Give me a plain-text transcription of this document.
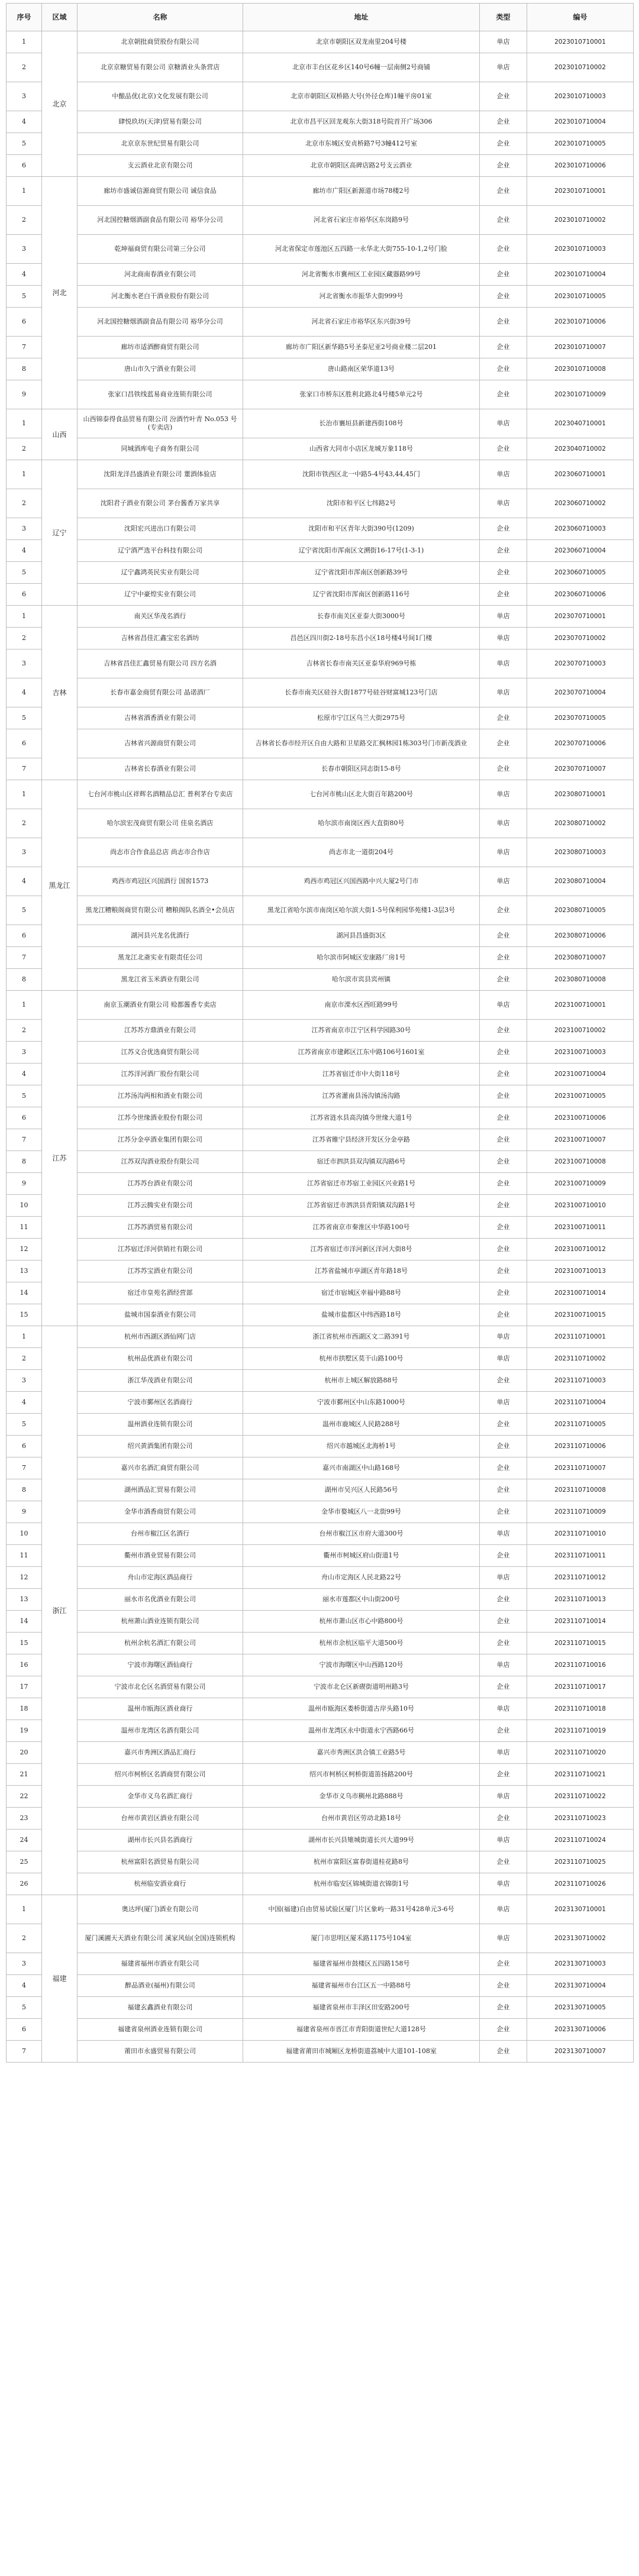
序号	区域	名称	地址	类型	编号
1	北京	北京朝批商贸股份有限公司	北京市朝阳区双龙南里204号楼	单店	2023010710001
2		北京京糖贸易有限公司 京糖酒业头条营店	北京市丰台区花乡区140号6幢一层南侧2号商铺	单店	2023010710002
3		中酿品优(北京)文化发展有限公司	北京市朝阳区双桥路大号(外径仓库)1幢平房01室	企业	2023010710003
4		肆悦玖坊(天津)贸易有限公司	北京市昌平区回龙观东大街318号院首开广场306	企业	2023010710004
5		北京京东世纪贸易有限公司	北京市东城区安贞桥路7号3幢412号室	企业	2023010710005
6		支云酒业北京有限公司	北京市朝阳区高碑店路2号支云酒业	企业	2023010710006
1	河北	廊坊市盛诚信源商贸有限公司 诚信食品	廊坊市广阳区新源道市场78楼2号	企业	2023010710001
2		河北国控糖烟酒副食品有限公司 裕华分公司	河北省石家庄市裕华区东岗路9号	企业	2023010710002
3		乾坤福商贸有限公司第三分公司	河北省保定市莲池区五四路一永华北大街755-10-1,2号门脸	企业	2023010710003
4		河北商南春酒业有限公司	河北省衡水市冀州区工业园区藏器路99号	企业	2023010710004
5		河北衡水老白干酒业股份有限公司	河北省衡水市振华大街999号	企业	2023010710005
6		河北国控糖烟酒副食品有限公司 裕华分公司	河北省石家庄市裕华区东兴街39号	企业	2023010710006
7		廊坊市适酒醉商贸有限公司	廊坊市广阳区新华路5号圣泰尼亚2号商业楼二层201	企业	2023010710007
8		唐山市久宁酒业有限公司	唐山路南区荣华道13号	企业	2023010710008
9		张家口昌铁线蓝易商业连锁有限公司	张家口市桥东区胜利北路北4号楼5单元2号	企业	2023010710009
1	山西	山西锦泰得食品贸易有限公司 汾酒竹叶青 No.053 号(专卖店)	长治市襄垣县新建西街108号	单店	2023040710001
2		同城酒库电子商务有限公司	山西省大同市小店区龙城万象118号	企业	2023040710002
1	辽宁	沈阳龙洋昌盛酒业有限公司 董酒体验店	沈阳市铁西区北一中路5-4号43,44,45门	单店	2023060710001
2		沈阳君子酒业有限公司 茅台酱香万家共享	沈阳市和平区七纬路2号	单店	2023060710002
3		沈阳宏兴进出口有限公司	沈阳市和平区青年大街390号(1209)	企业	2023060710003
4		辽宁酒严选平台科技有限公司	辽宁省沈阳市浑南区文溯街16-17号(1-3-1)	企业	2023060710004
5		辽宁鑫鸿英民实业有限公司	辽宁省沈阳市浑南区创新路39号	企业	2023060710005
6		辽宁中豪煌实业有限公司	辽宁省沈阳市浑南区创新路116号	企业	2023060710006
1	吉林	南关区华茂名酒行	长春市南关区亚泰大街3000号	单店	2023070710001
2		吉林省昌佳汇鑫宝宏名酒坊	昌邑区四川街2-18号东昌小区18号楼4号间1门楼	单店	2023070710002
3		吉林省昌佳汇鑫贸易有限公司 四方名酒	吉林省长春市南关区亚泰华府969号栋	单店	2023070710003
4		长春市嘉金商贸有限公司 晶诺酒厂	长春市南关区硅谷大街1877号硅谷财富城123号门店	单店	2023070710004
5		吉林省酒香酒业有限公司	松原市宁江区乌兰大街2975号	企业	2023070710005
6		吉林省兴源商贸有限公司	吉林省长春市经开区自由大路和卫星路交汇枫林园1栋303号门市新茂酒业	企业	2023070710006
7		吉林省长春酒业有限公司	长春市朝阳区同志街15-8号	企业	2023070710007
1	黑龙江	七台河市桃山区祥辉名酒精品总汇 普利茅台专卖店	七台河市桃山区北大街百年路200号	单店	2023080710001
2		哈尔滨宏茂商贸有限公司 佳泉名酒店	哈尔滨市南岗区西大直街80号	单店	2023080710002
3		尚志市合作食品总店 尚志市合作店	尚志市北一道街204号	单店	2023080710003
4		鸡西市鸡冠区兴国酒行 国窖1573	鸡西市鸡冠区兴国西路中兴大厦2号门市	单店	2023080710004
5		黑龙江糟粮阁商贸有限公司 糟粮阁队名酒全•会员店	黑龙江省哈尔滨市南岗区哈尔滨大街1-5号保利园华苑楼1-3层3号	企业	2023080710005
6		湖河县兴龙名优酒行	湖河县昌盛街3区	企业	2023080710006
7		黑龙江北斋实业有限责任公司	哈尔滨市阿城区安康路厂房1号	企业	2023080710007
8		黑龙江省玉米酒业有限公司	哈尔滨市宾县宾州镇	企业	2023080710008
1	江苏	南京玉潮酒业有限公司 赊都酱香专卖店	南京市溧水区西旺路99号	单店	2023100710001
2		江苏苏方鼎酒业有限公司	江苏省南京市江宁区科学园路30号	企业	2023100710002
3		江苏义合优选商贸有限公司	江苏省南京市建邺区江东中路106号1601室	企业	2023100710003
4		江苏洋河酒厂股份有限公司	江苏省宿迁市中大街118号	企业	2023100710004
5		江苏汤沟两相和酒业有限公司	江苏省灌南县汤沟镇汤沟路	企业	2023100710005
6		江苏今世缘酒业股份有限公司	江苏省涟水县高沟镇今世缘大道1号	企业	2023100710006
7		江苏分金亭酒业集团有限公司	江苏省睢宁县经济开发区分金亭路	企业	2023100710007
8		江苏双沟酒业股份有限公司	宿迁市泗洪县双沟镇双沟路6号	企业	2023100710008
9		江苏苏台酒业有限公司	江苏省宿迁市苏宿工业园区兴业路1号	企业	2023100710009
10		江苏云腾实业有限公司	江苏省宿迁市泗洪县青阳镇双沟路1号	企业	2023100710010
11		江苏苏酒贸易有限公司	江苏省南京市秦淮区中华路100号	企业	2023100710011
12		江苏宿迁洋河供销社有限公司	江苏省宿迁市洋河新区洋河大街8号	企业	2023100710012
13		江苏苏宝酒业有限公司	江苏省盐城市亭湖区青年路18号	企业	2023100710013
14		宿迁市皇苑名酒经营部	宿迁市宿城区幸福中路88号	企业	2023100710014
15		盐城市国泰酒业有限公司	盐城市盐都区中纬西路18号	企业	2023100710015
1	浙江	杭州市西湖区酒仙网门店	浙江省杭州市西湖区文二路391号	单店	2023110710001
2		杭州品优酒业有限公司	杭州市拱墅区莫干山路100号	单店	2023110710002
3		浙江华茂酒业有限公司	杭州市上城区解放路88号	企业	2023110710003
4		宁波市鄞州区名酒商行	宁波市鄞州区中山东路1000号	单店	2023110710004
5		温州酒业连锁有限公司	温州市鹿城区人民路288号	企业	2023110710005
6		绍兴黄酒集团有限公司	绍兴市越城区北海桥1号	企业	2023110710006
7		嘉兴市名酒汇商贸有限公司	嘉兴市南湖区中山路168号	企业	2023110710007
8		湖州酒品汇贸易有限公司	湖州市吴兴区人民路56号	企业	2023110710008
9		金华市酒香商贸有限公司	金华市婺城区八一北街99号	企业	2023110710009
10		台州市椒江区名酒行	台州市椒江区市府大道300号	单店	2023110710010
11		衢州市酒业贸易有限公司	衢州市柯城区府山街道1号	企业	2023110710011
12		舟山市定海区酒品商行	舟山市定海区人民北路22号	单店	2023110710012
13		丽水市名优酒业有限公司	丽水市莲都区中山街200号	企业	2023110710013
14		杭州萧山酒业连锁有限公司	杭州市萧山区市心中路800号	企业	2023110710014
15		杭州余杭名酒汇有限公司	杭州市余杭区临平大道500号	企业	2023110710015
16		宁波市海曙区酒仙商行	宁波市海曙区中山西路120号	单店	2023110710016
17		宁波市北仑区名酒贸易有限公司	宁波市北仑区新碶街道明州路3号	企业	2023110710017
18		温州市瓯海区酒业商行	温州市瓯海区娄桥街道古岸头路10号	单店	2023110710018
19		温州市龙湾区名酒有限公司	温州市龙湾区永中街道永宁西路66号	企业	2023110710019
20		嘉兴市秀洲区酒品汇商行	嘉兴市秀洲区洪合镇工业路5号	单店	2023110710020
21		绍兴市柯桥区名酒商贸有限公司	绍兴市柯桥区柯桥街道笛扬路200号	企业	2023110710021
22		金华市义乌名酒汇商行	金华市义乌市稠州北路888号	单店	2023110710022
23		台州市黄岩区酒业有限公司	台州市黄岩区劳动北路18号	企业	2023110710023
24		湖州市长兴县名酒商行	湖州市长兴县雉城街道长兴大道99号	单店	2023110710024
25		杭州富阳名酒贸易有限公司	杭州市富阳区富春街道桂花路8号	企业	2023110710025
26		杭州临安酒业商行	杭州市临安区锦城街道衣锦街1号	单店	2023110710026
1	福建	奥达坪(厦门)酒业有限公司	中国(福建)自由贸易试验区厦门片区象屿一路31号428单元3-6号	单店	2023130710001
2		厦门溪圃天天酒业有限公司 溪家风仙(全国)连锁机构	厦门市思明区厦禾路1175号104室	单店	2023130710002
3		福建省福州市酒业有限公司	福建省福州市鼓楼区五四路158号	企业	2023130710003
4		醉品酒业(福州)有限公司	福建省福州市台江区五一中路88号	企业	2023130710004
5		福建玄鑫酒业有限公司	福建省泉州市丰泽区田安路200号	企业	2023130710005
6		福建省泉州酒业连锁有限公司	福建省泉州市晋江市青阳街道世纪大道128号	企业	2023130710006
7		莆田市永盛贸易有限公司	福建省莆田市城厢区龙桥街道荔城中大道101-108室	企业	2023130710007
